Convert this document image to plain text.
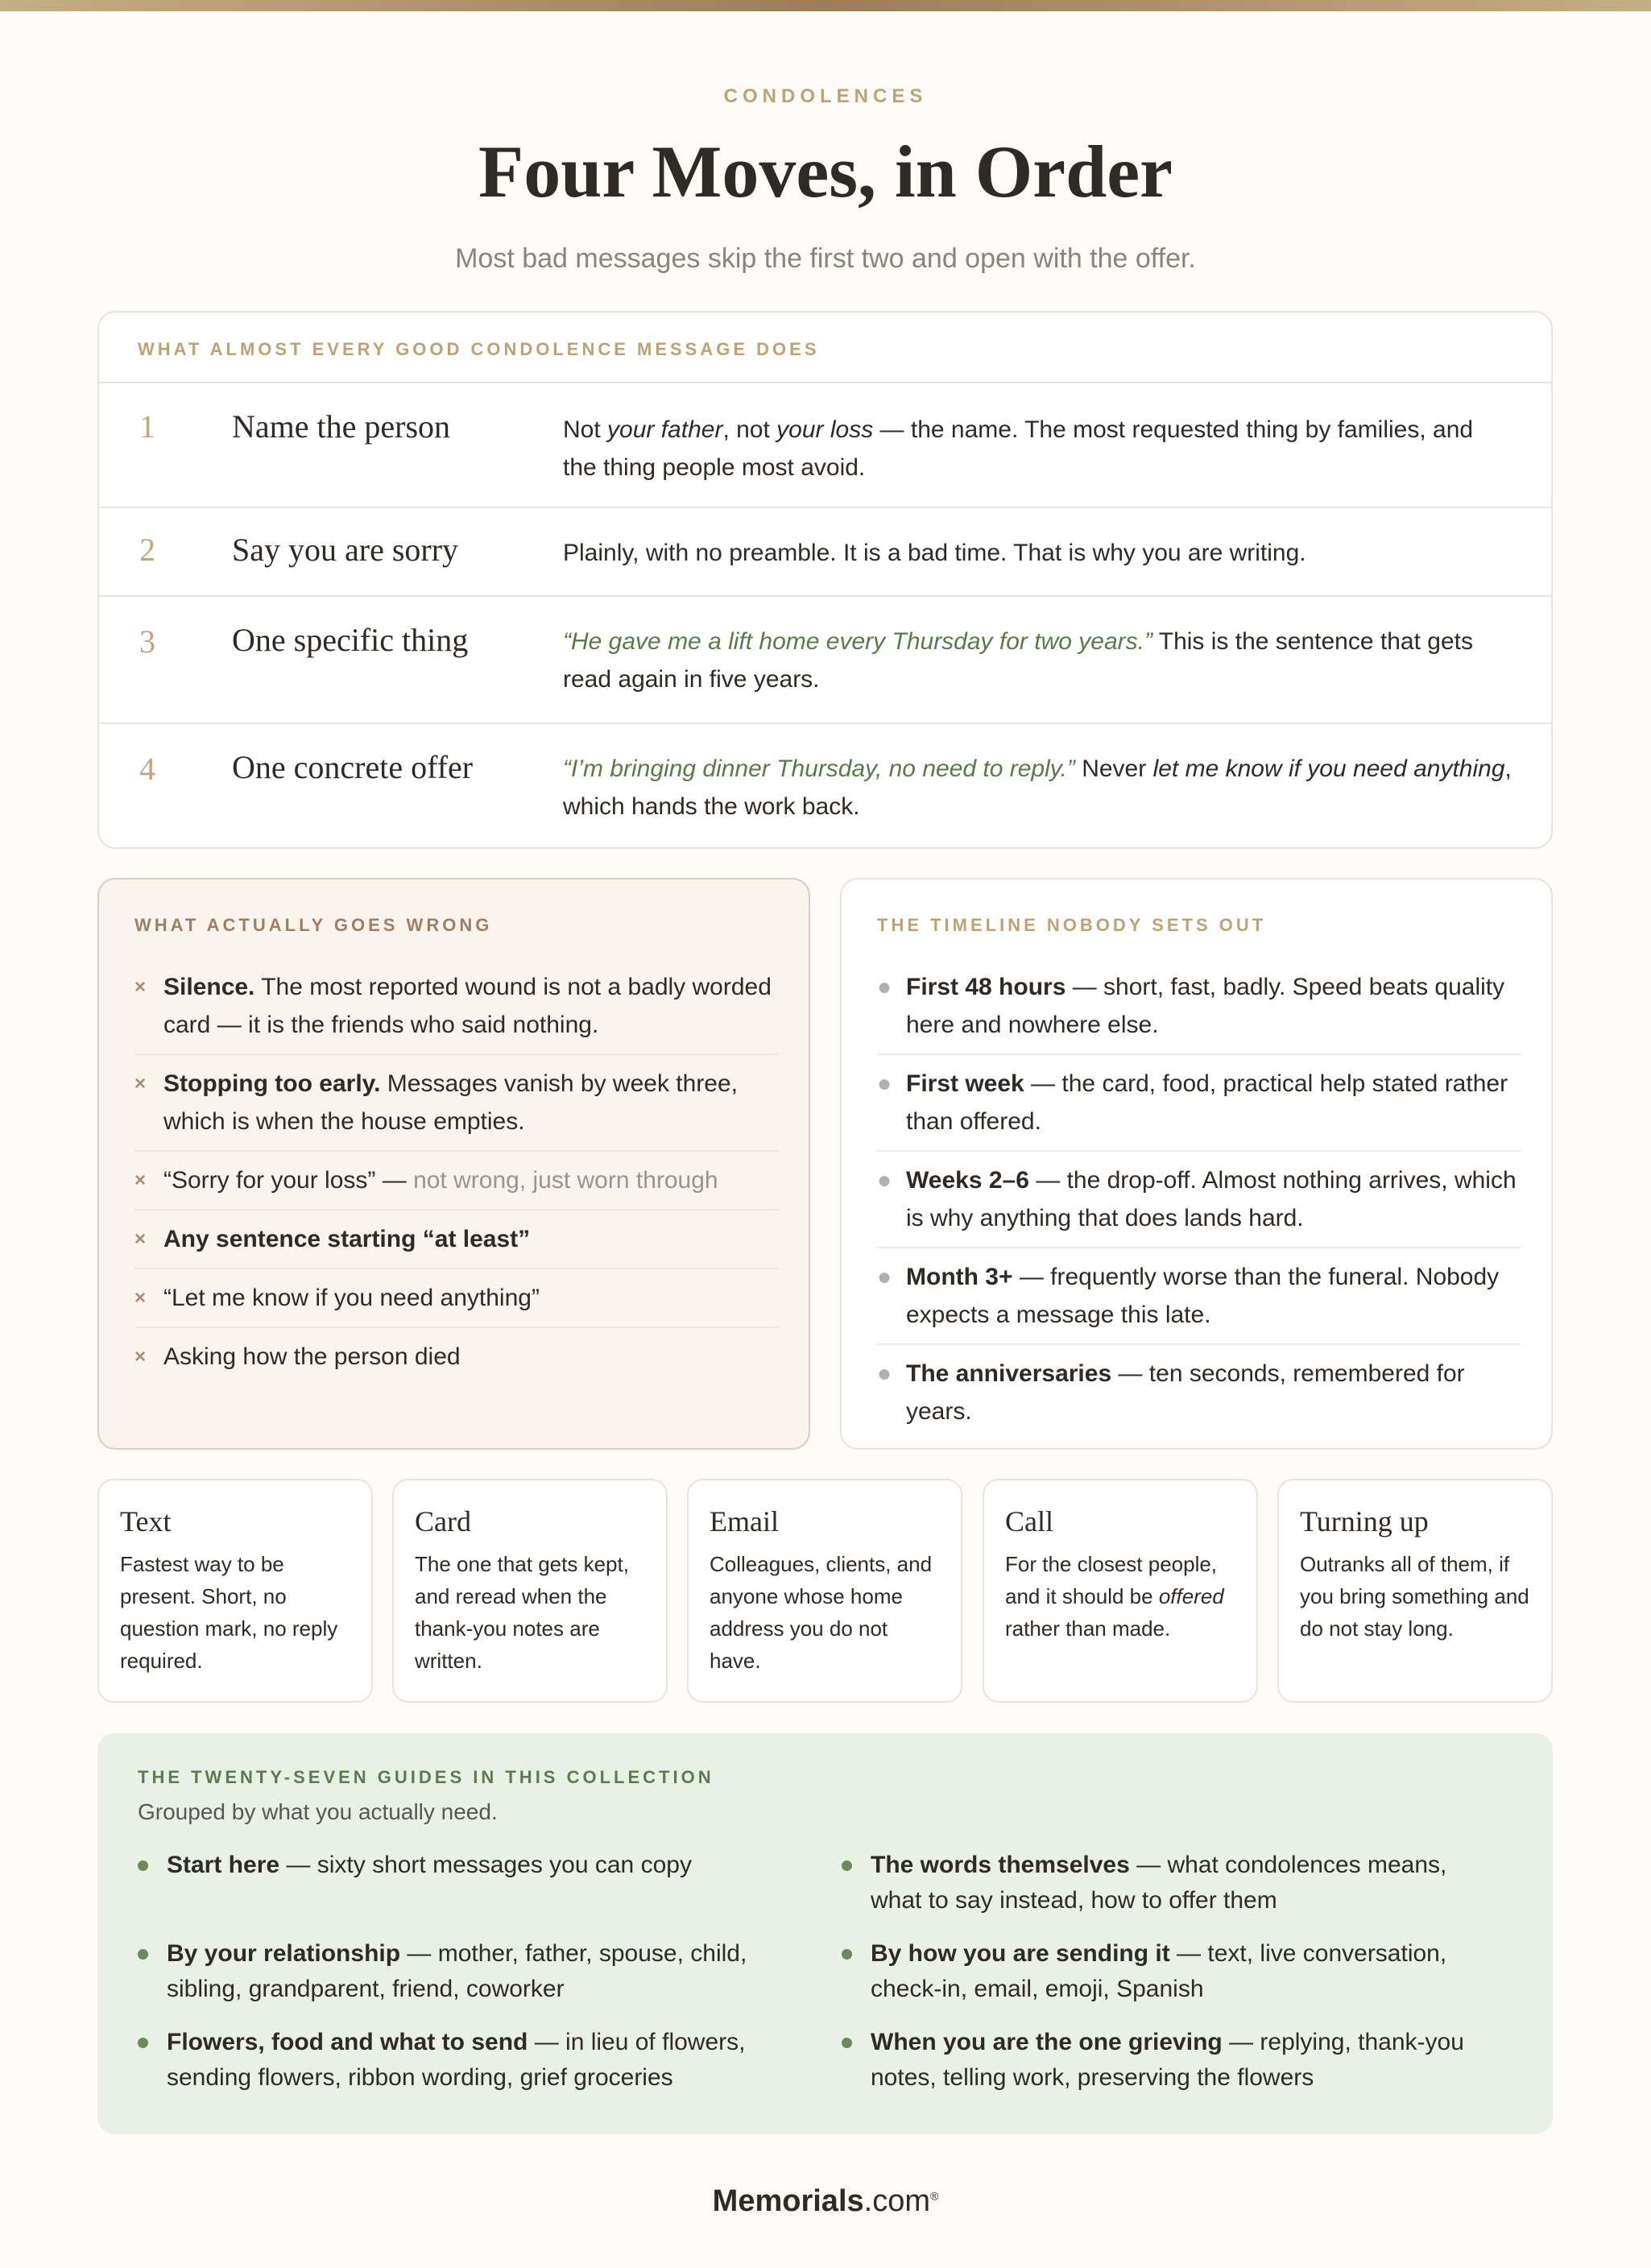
CONDOLENCES
Four Moves, in Order
Most bad messages skip the first two and open with the offer.
WHAT ALMOST EVERY GOOD CONDOLENCE MESSAGE DOES
1 Name the person	Not your father, not your loss — the name. The most requested thing by families, and the thing people most avoid.
2 Say you are sorry	Plainly, with no preamble. It is a bad time. That is why you are writing.
3 One specific thing	“He gave me a lift home every Thursday for two years.” This is the sentence that gets read again in five years.
4 One concrete offer	“I’m bringing dinner Thursday, no need to reply.” Never let me know if you need anything, which hands the work back.
WHAT ACTUALLY GOES WRONG
× Silence. The most reported wound is not a badly worded card — it is the friends who said nothing.
× Stopping too early. Messages vanish by week three, which is when the house empties.
× “Sorry for your loss” — not wrong, just worn through
× Any sentence starting “at least”
× “Let me know if you need anything”
× Asking how the person died
THE TIMELINE NOBODY SETS OUT
● First 48 hours — short, fast, badly. Speed beats quality here and nowhere else.
● First week — the card, food, practical help stated rather than offered.
● Weeks 2–6 — the drop-off. Almost nothing arrives, which is why anything that does lands hard.
● Month 3+ — frequently worse than the funeral. Nobody expects a message this late.
● The anniversaries — ten seconds, remembered for years.
Text
Fastest way to be present. Short, no question mark, no reply required.
Card
The one that gets kept, and reread when the thank-you notes are written.
Email
Colleagues, clients, and anyone whose home address you do not have.
Call
For the closest people, and it should be offered rather than made.
Turning up
Outranks all of them, if you bring something and do not stay long.
THE TWENTY-SEVEN GUIDES IN THIS COLLECTION
Grouped by what you actually need.
Start here — sixty short messages you can copy	The words themselves — what condolences means, what to say instead, how to offer them
By your relationship — mother, father, spouse, child, sibling, grandparent, friend, coworker
By how you are sending it — text, live conversation, check-in, email, emoji, Spanish
Flowers, food and what to send — in lieu of flowers, sending flowers, ribbon wording, grief groceries
When you are the one grieving — replying, thank-you notes, telling work, preserving the flowers
Memorials.com®
